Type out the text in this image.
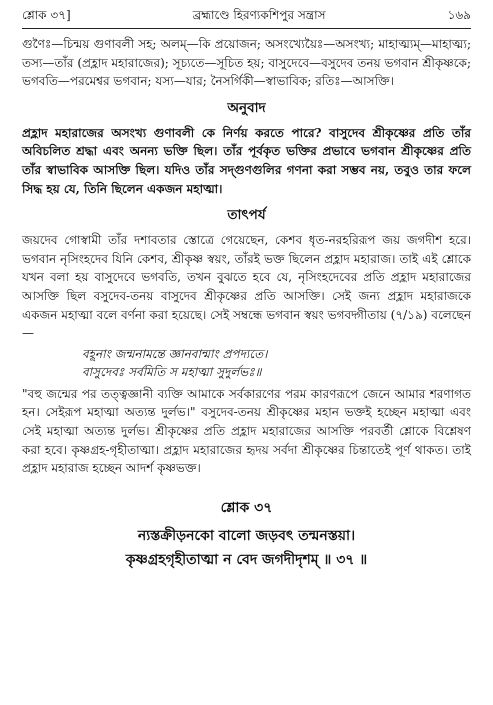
শ্লোক ৩৭]	ব্রহ্মাণ্ডে হিরণ্যকশিপুর সন্ত্রাস	১৬৯

গুণৈঃ—চিন্ময় গুণাবলী সহ; অলম্—কি প্রয়োজন; অসংখ্যেয়ৈঃ—অসংখ্য; মাহাত্ম্যম্—মাহাত্ম্য; তস্য—তাঁর (প্রহ্লাদ মহারাজের); সূচ্যতে—সূচিত হয়; বাসুদেবে—বসুদেব তনয় ভগবান শ্রীকৃষ্ণকে; ভগবতি—পরমেশ্বর ভগবান; যস্য—যার; নৈসর্গিকী—স্বাভাবিক; রতিঃ—আসক্তি।

অনুবাদ

প্রহ্লাদ মহারাজের অসংখ্য গুণাবলী কে নির্ণয় করতে পারে? বাসুদেব শ্রীকৃষ্ণের প্রতি তাঁর অবিচলিত শ্রদ্ধা এবং অনন্য ভক্তি ছিল। তাঁর পূর্বকৃত ভক্তির প্রভাবে ভগবান শ্রীকৃষ্ণের প্রতি তাঁর স্বাভাবিক আসক্তি ছিল। যদিও তাঁর সদ্গুণগুলির গণনা করা সম্ভব নয়, তবুও তার ফলে সিদ্ধ হয় যে, তিনি ছিলেন একজন মহাত্মা।

তাৎপর্য

জয়দেব গোস্বামী তাঁর দশাবতার স্তোত্রে গেয়েছেন, কেশব ধৃত-নরহরিরূপ জয় জগদীশ হরে। ভগবান নৃসিংহদেব যিনি কেশব, শ্রীকৃষ্ণ স্বয়ং, তাঁরই ভক্ত ছিলেন প্রহ্লাদ মহারাজ। তাই এই শ্লোকে যখন বলা হয় বাসুদেবে ভগবতি, তখন বুঝতে হবে যে, নৃসিংহদেবের প্রতি প্রহ্লাদ মহারাজের আসক্তি ছিল বসুদেব-তনয় বাসুদেব শ্রীকৃষ্ণের প্রতি আসক্তি। সেই জন্য প্রহ্লাদ মহারাজকে একজন মহাত্মা বলে বর্ণনা করা হয়েছে। সেই সম্বন্ধে ভগবান স্বয়ং ভগবদ্গীতায় (৭/১৯) বলেছেন—

বহূনাং জন্মনামন্তে জ্ঞানবান্মাং প্রপদ্যতে।
বাসুদেবঃ সর্বমিতি স মহাত্মা সুদুর্লভঃ॥

"বহু জন্মের পর তত্ত্বজ্ঞানী ব্যক্তি আমাকে সর্বকারণের পরম কারণরূপে জেনে আমার শরণাগত হন। সেইরূপ মহাত্মা অত্যন্ত দুর্লভ।" বসুদেব-তনয় শ্রীকৃষ্ণের মহান ভক্তই হচ্ছেন মহাত্মা এবং সেই মহাত্মা অত্যন্ত দুর্লভ। শ্রীকৃষ্ণের প্রতি প্রহ্লাদ মহারাজের আসক্তি পরবর্তী শ্লোকে বিশ্লেষণ করা হবে। কৃষ্ণগ্রহ-গৃহীতাত্মা। প্রহ্লাদ মহারাজের হৃদয় সর্বদা শ্রীকৃষ্ণের চিন্তাতেই পূর্ণ থাকত। তাই প্রহ্লাদ মহারাজ হচ্ছেন আদর্শ কৃষ্ণভক্ত।

শ্লোক ৩৭

ন্যস্তক্রীড়নকো বালো জড়বৎ তন্মনস্তয়া।

কৃষ্ণগ্রহগৃহীতাত্মা ন বেদ জগদীদৃশম্ ॥ ৩৭ ॥
